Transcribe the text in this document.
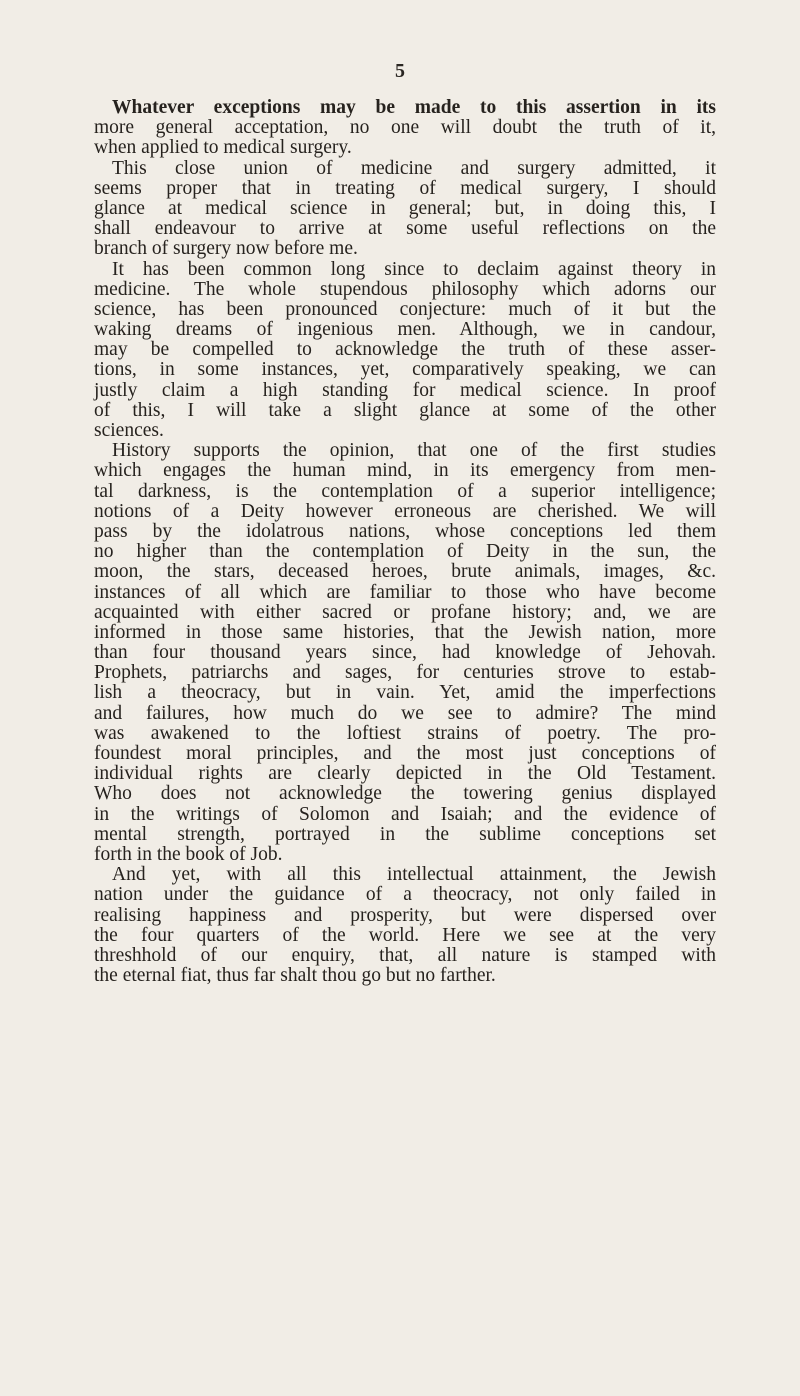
5
Whatever exceptions may be made to this assertion in its
more general acceptation, no one will doubt the truth of it,
when applied to medical surgery.
This close union of medicine and surgery admitted, it
seems proper that in treating of medical surgery, I should
glance at medical science in general; but, in doing this, I
shall endeavour to arrive at some useful reflections on the
branch of surgery now before me.
It has been common long since to declaim against theory in
medicine. The whole stupendous philosophy which adorns our
science, has been pronounced conjecture: much of it but the
waking dreams of ingenious men. Although, we in candour,
may be compelled to acknowledge the truth of these asser-
tions, in some instances, yet, comparatively speaking, we can
justly claim a high standing for medical science. In proof
of this, I will take a slight glance at some of the other
sciences.
History supports the opinion, that one of the first studies
which engages the human mind, in its emergency from men-
tal darkness, is the contemplation of a superior intelligence;
notions of a Deity however erroneous are cherished. We will
pass by the idolatrous nations, whose conceptions led them
no higher than the contemplation of Deity in the sun, the
moon, the stars, deceased heroes, brute animals, images, &c.
instances of all which are familiar to those who have become
acquainted with either sacred or profane history; and, we are
informed in those same histories, that the Jewish nation, more
than four thousand years since, had knowledge of Jehovah.
Prophets, patriarchs and sages, for centuries strove to estab-
lish a theocracy, but in vain. Yet, amid the imperfections
and failures, how much do we see to admire? The mind
was awakened to the loftiest strains of poetry. The pro-
foundest moral principles, and the most just conceptions of
individual rights are clearly depicted in the Old Testament.
Who does not acknowledge the towering genius displayed
in the writings of Solomon and Isaiah; and the evidence of
mental strength, portrayed in the sublime conceptions set
forth in the book of Job.
And yet, with all this intellectual attainment, the Jewish
nation under the guidance of a theocracy, not only failed in
realising happiness and prosperity, but were dispersed over
the four quarters of the world. Here we see at the very
threshhold of our enquiry, that, all nature is stamped with
the eternal fiat, thus far shalt thou go but no farther.
